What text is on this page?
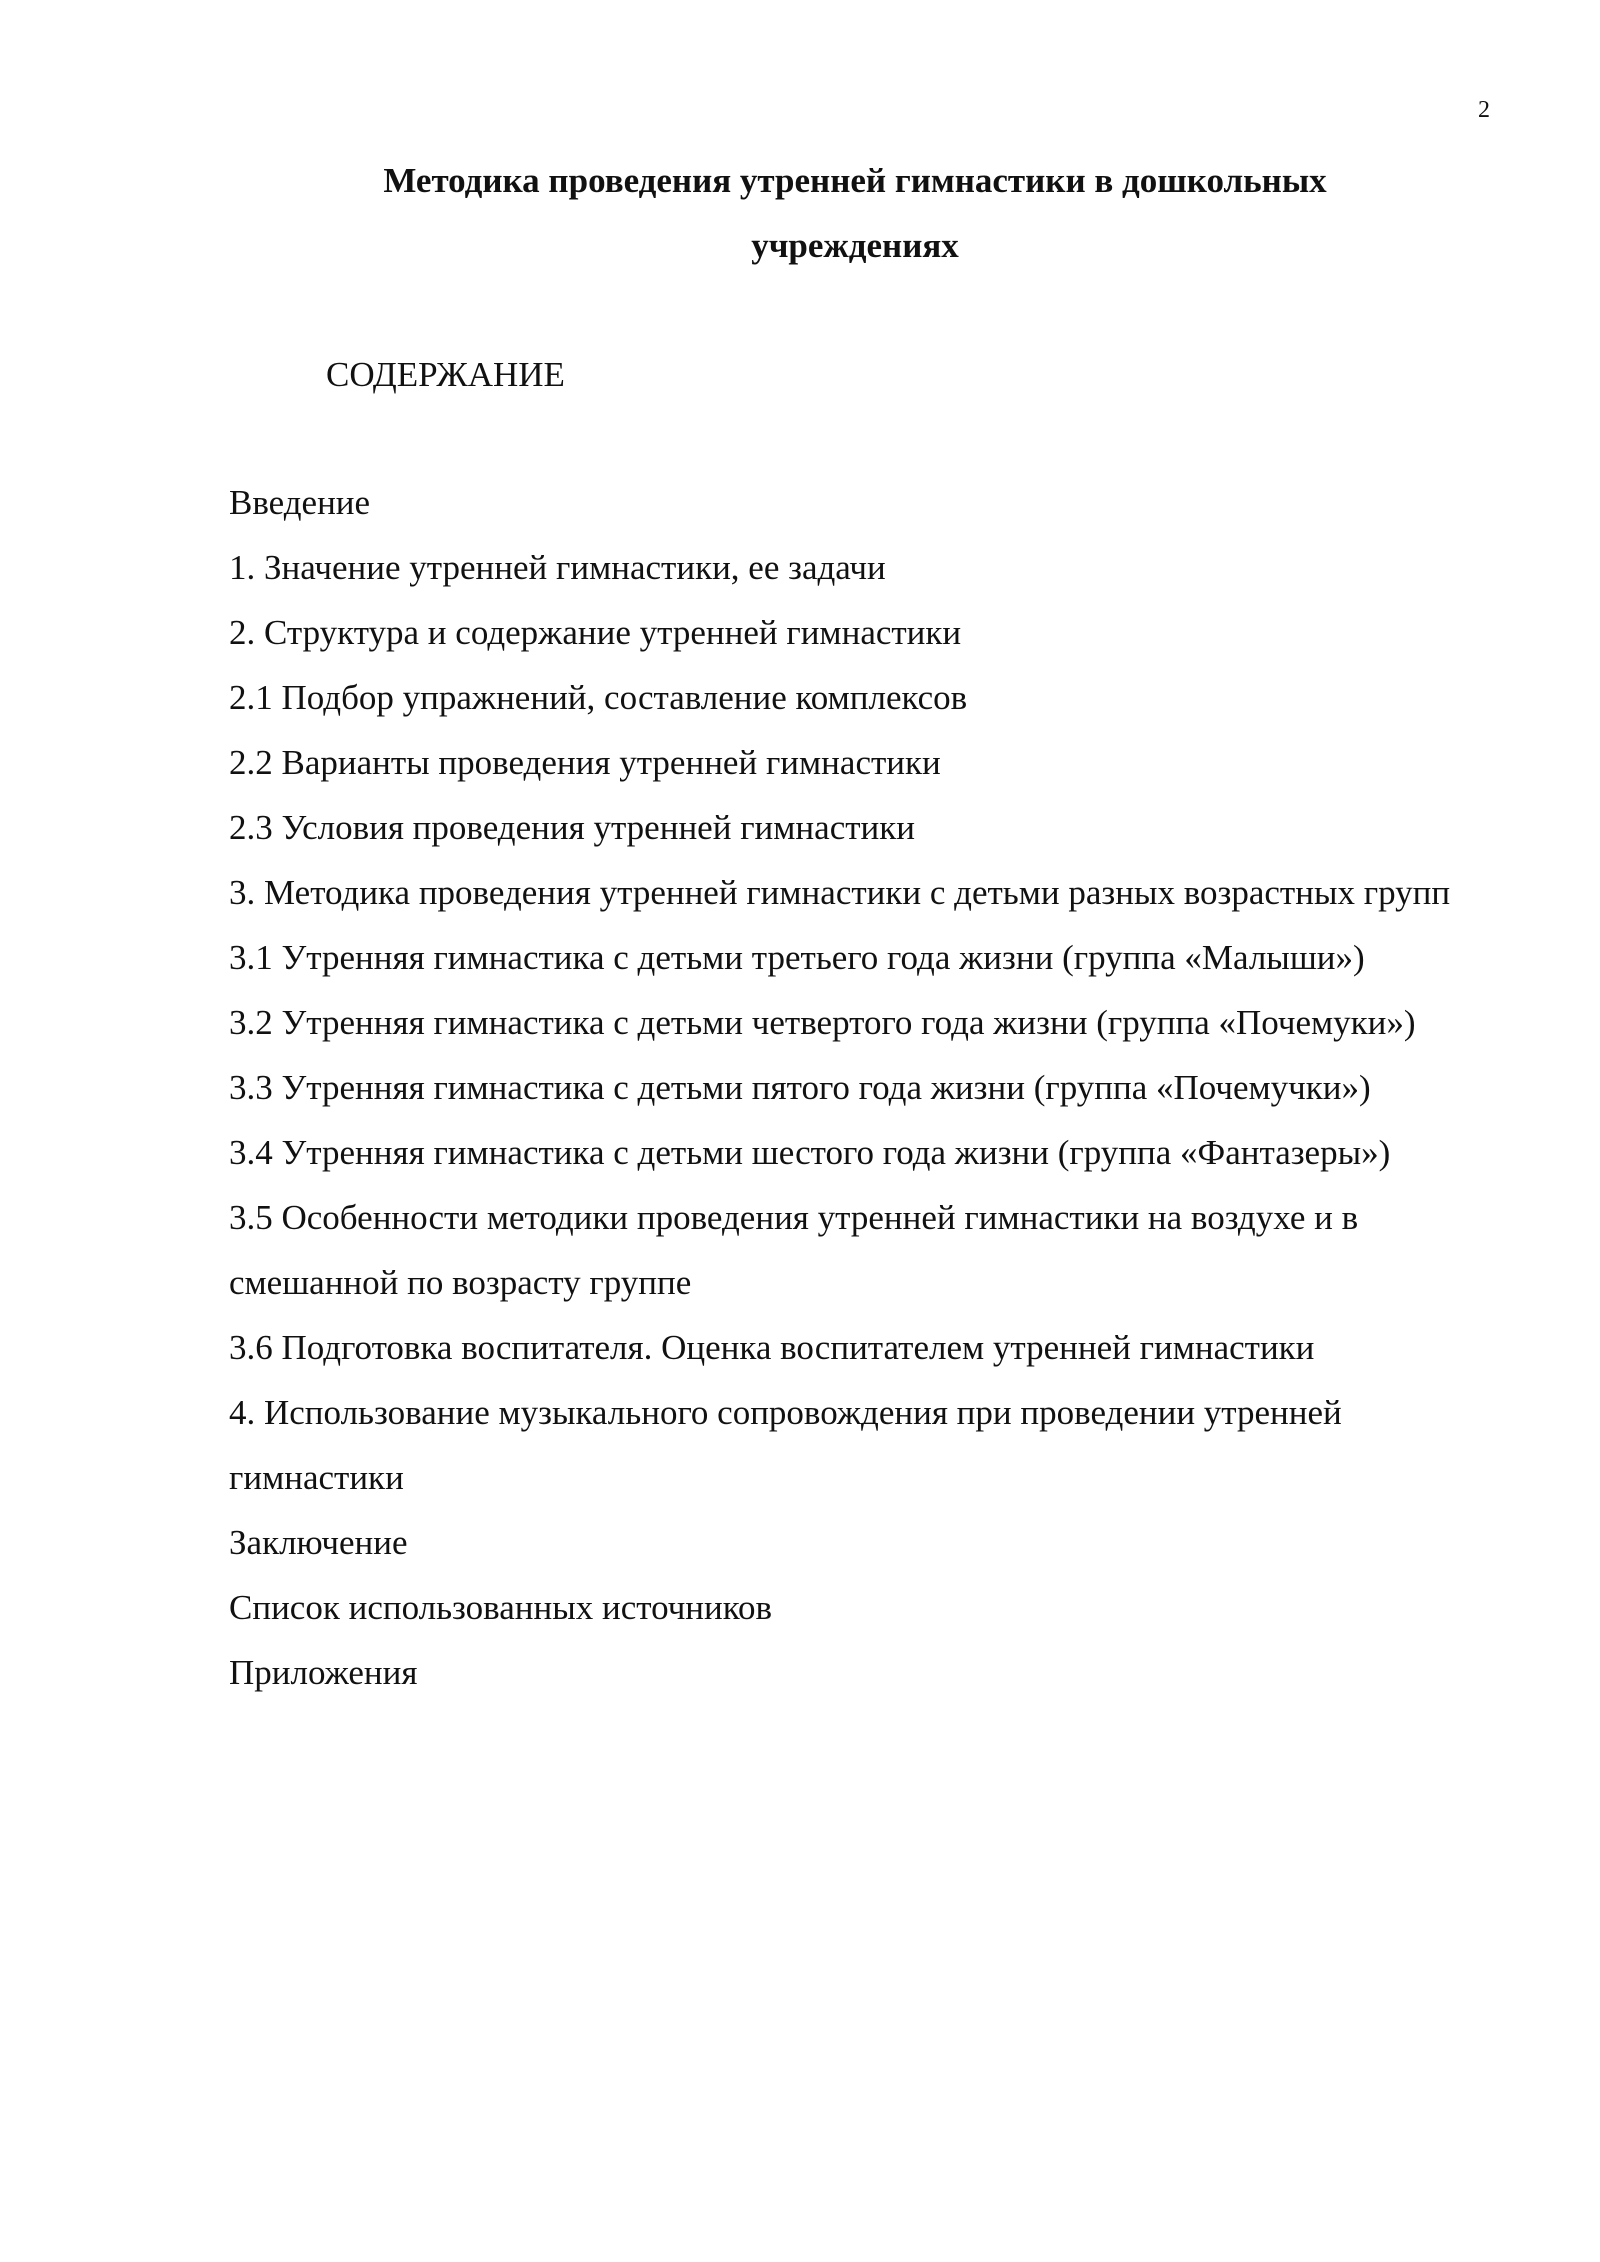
2
Методика проведения утренней гимнастики в дошкольных учреждениях
СОДЕРЖАНИЕ
Введение
1. Значение утренней гимнастики, ее задачи
2. Структура и содержание утренней гимнастики
2.1 Подбор упражнений, составление комплексов
2.2 Варианты проведения утренней гимнастики
2.3 Условия проведения утренней гимнастики
3. Методика проведения утренней гимнастики с детьми разных возрастных групп
3.1 Утренняя гимнастика с детьми третьего года жизни (группа «Малыши»)
3.2 Утренняя гимнастика с детьми четвертого года жизни (группа «Почемуки»)
3.3 Утренняя гимнастика с детьми пятого года жизни (группа «Почемучки»)
3.4 Утренняя гимнастика с детьми шестого года жизни (группа «Фантазеры»)
3.5 Особенности методики проведения утренней гимнастики на воздухе и в смешанной по возрасту группе
3.6 Подготовка воспитателя. Оценка воспитателем утренней гимнастики
4. Использование музыкального сопровождения при проведении утренней гимнастики
Заключение
Список использованных источников
Приложения
